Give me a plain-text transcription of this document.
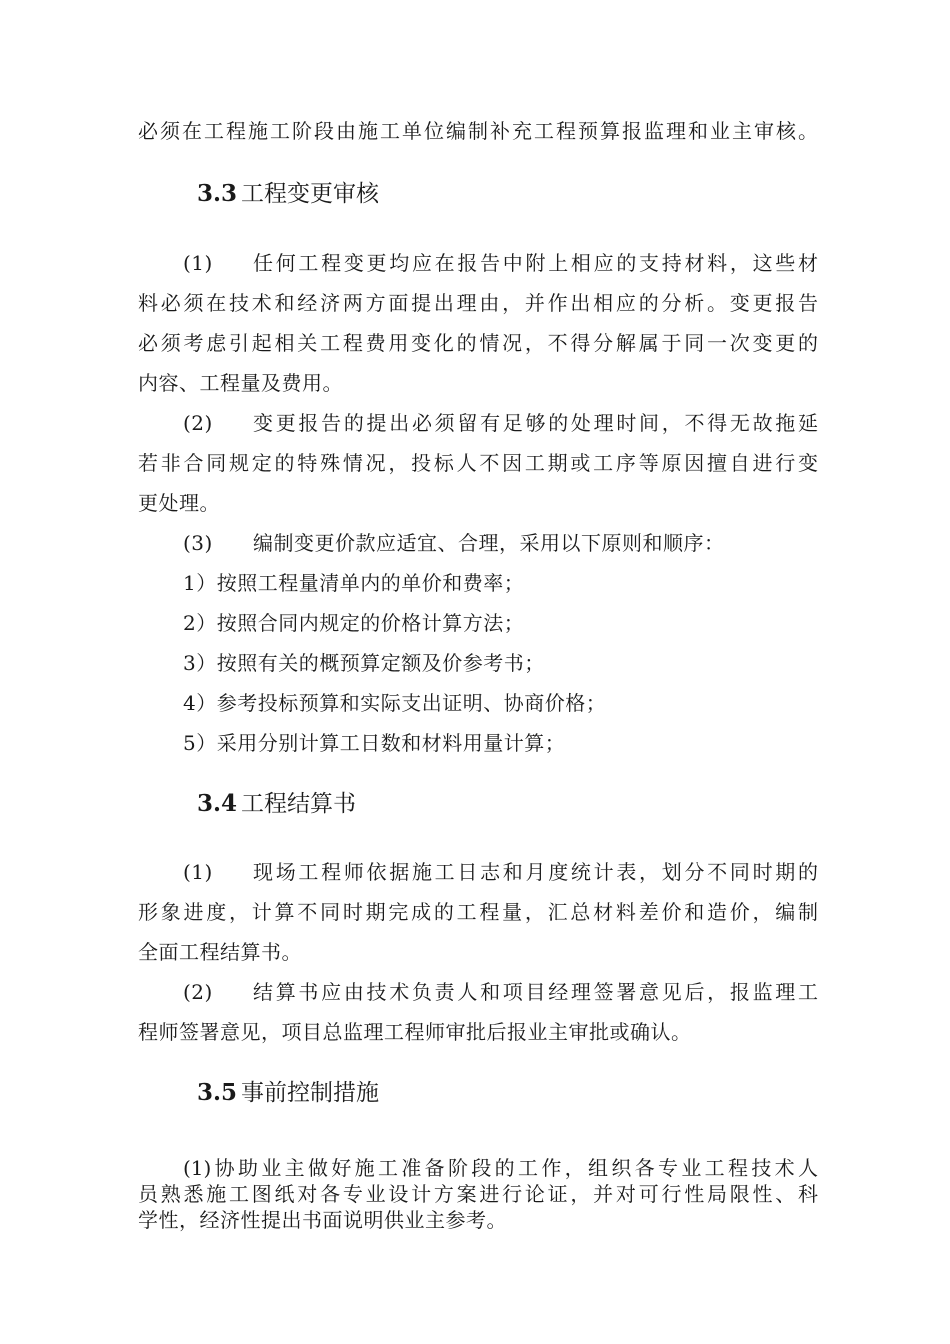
必须在工程施工阶段由施工单位编制补充工程预算报监理和业主审核。
3.3 工程变更审核
(1) 任何工程变更均应在报告中附上相应的支持材料，这些材
料必须在技术和经济两方面提出理由，并作出相应的分析。变更报告
必须考虑引起相关工程费用变化的情况，不得分解属于同一次变更的
内容、工程量及费用。
(2) 变更报告的提出必须留有足够的处理时间，不得无故拖延
若非合同规定的特殊情况，投标人不因工期或工序等原因擅自进行变
更处理。
(3) 编制变更价款应适宜、合理，采用以下原则和顺序：
1）按照工程量清单内的单价和费率；
2）按照合同内规定的价格计算方法；
3）按照有关的概预算定额及价参考书；
4）参考投标预算和实际支出证明、协商价格；
5）采用分别计算工日数和材料用量计算；
3.4 工程结算书
(1) 现场工程师依据施工日志和月度统计表，划分不同时期的
形象进度，计算不同时期完成的工程量，汇总材料差价和造价，编制
全面工程结算书。
(2) 结算书应由技术负责人和项目经理签署意见后，报监理工
程师签署意见，项目总监理工程师审批后报业主审批或确认。
3.5 事前控制措施
(1)协助业主做好施工准备阶段的工作，组织各专业工程技术人
员熟悉施工图纸对各专业设计方案进行论证，并对可行性局限性、科
学性，经济性提出书面说明供业主参考。
